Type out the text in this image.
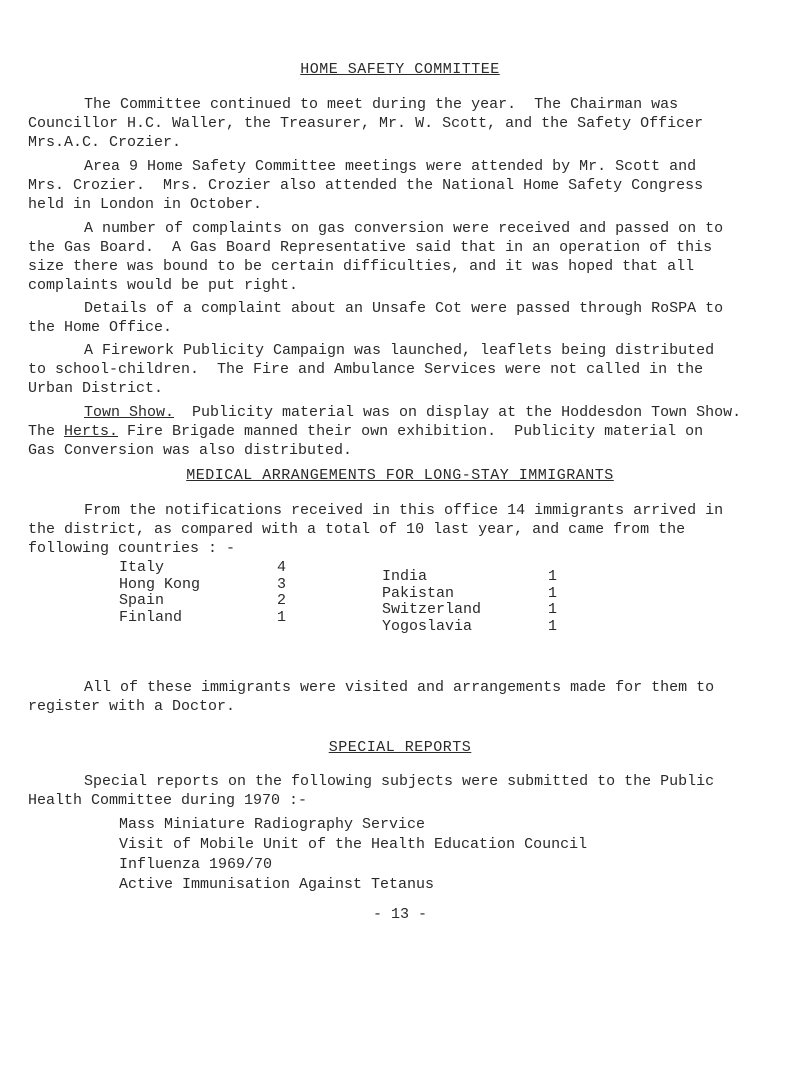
HOME SAFETY COMMITTEE

The Committee continued to meet during the year.  The Chairman was
Councillor H.C. Waller, the Treasurer, Mr. W. Scott, and the Safety Officer
Mrs.A.C. Crozier.

Area 9 Home Safety Committee meetings were attended by Mr. Scott and
Mrs. Crozier.  Mrs. Crozier also attended the National Home Safety Congress
held in London in October.

A number of complaints on gas conversion were received and passed on to
the Gas Board.  A Gas Board Representative said that in an operation of this
size there was bound to be certain difficulties, and it was hoped that all
complaints would be put right.

Details of a complaint about an Unsafe Cot were passed through RoSPA to
the Home Office.

A Firework Publicity Campaign was launched, leaflets being distributed
to school-children.  The Fire and Ambulance Services were not called in the
Urban District.

Town Show.  Publicity material was on display at the Hoddesdon Town Show.
The Herts. Fire Brigade manned their own exhibition.  Publicity material on
Gas Conversion was also distributed.

MEDICAL ARRANGEMENTS FOR LONG-STAY IMMIGRANTS

From the notifications received in this office 14 immigrants arrived in
the district, as compared with a total of 10 last year, and came from the
following countries : -

Italy	4
Hong Kong	3
Spain	2
Finland	1
India	1
Pakistan	1
Switzerland	1
Yogoslavia	1

All of these immigrants were visited and arrangements made for them to
register with a Doctor.

SPECIAL REPORTS

Special reports on the following subjects were submitted to the Public
Health Committee during 1970 :-

Mass Miniature Radiography Service
Visit of Mobile Unit of the Health Education Council
Influenza 1969/70
Active Immunisation Against Tetanus
- 13 -
